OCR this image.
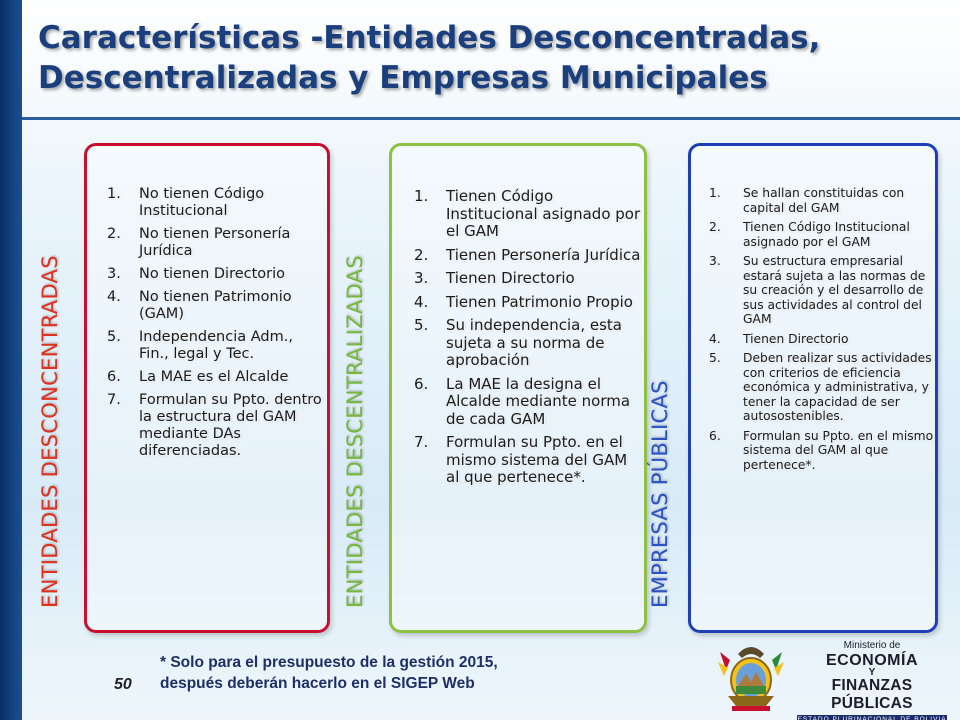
Características -Entidades Desconcentradas,
Descentralizadas y Empresas Municipales
ENTIDADES DESCONCENTRADAS
1.	No tienen Código Institucional
2.	No tienen Personería Jurídica
3.	No tienen Directorio
4.	No tienen Patrimonio (GAM)
5.	Independencia Adm., Fin., legal y Tec.
6.	La MAE es el Alcalde
7.	Formulan su Ppto. dentro la estructura del GAM mediante DAs diferenciadas.	ENTIDADES DESCENTRALIZADAS
1.	Tienen Código Institucional asignado por el GAM
2.	Tienen Personería Jurídica
3.	Tienen Directorio
4.	Tienen Patrimonio Propio
5.	Su independencia, esta sujeta a su norma de aprobación
6.	La MAE la designa el Alcalde mediante norma de cada GAM
7.	Formulan su Ppto. en el mismo sistema del GAM al que pertenece*.	EMPRESAS PÚBLICAS
1.	Se hallan constituidas con capital del GAM
2.	Tienen Código Institucional asignado por el GAM
3.	Su estructura empresarial estará sujeta a las normas de su creación y el desarrollo de sus actividades al control del GAM
4.	Tienen Directorio
5.	Deben realizar sus actividades con criterios de eficiencia económica y administrativa, y tener la capacidad de ser autosostenibles.
6.	Formulan su Ppto. en el mismo sistema del GAM al que pertenece*.
* Solo para el presupuesto de la gestión 2015,
después deberán hacerlo en el SIGEP Web
50
Ministerio de
ECONOMÍA
Y
FINANZAS PÚBLICAS
ESTADO PLURINACIONAL DE BOLIVIA
